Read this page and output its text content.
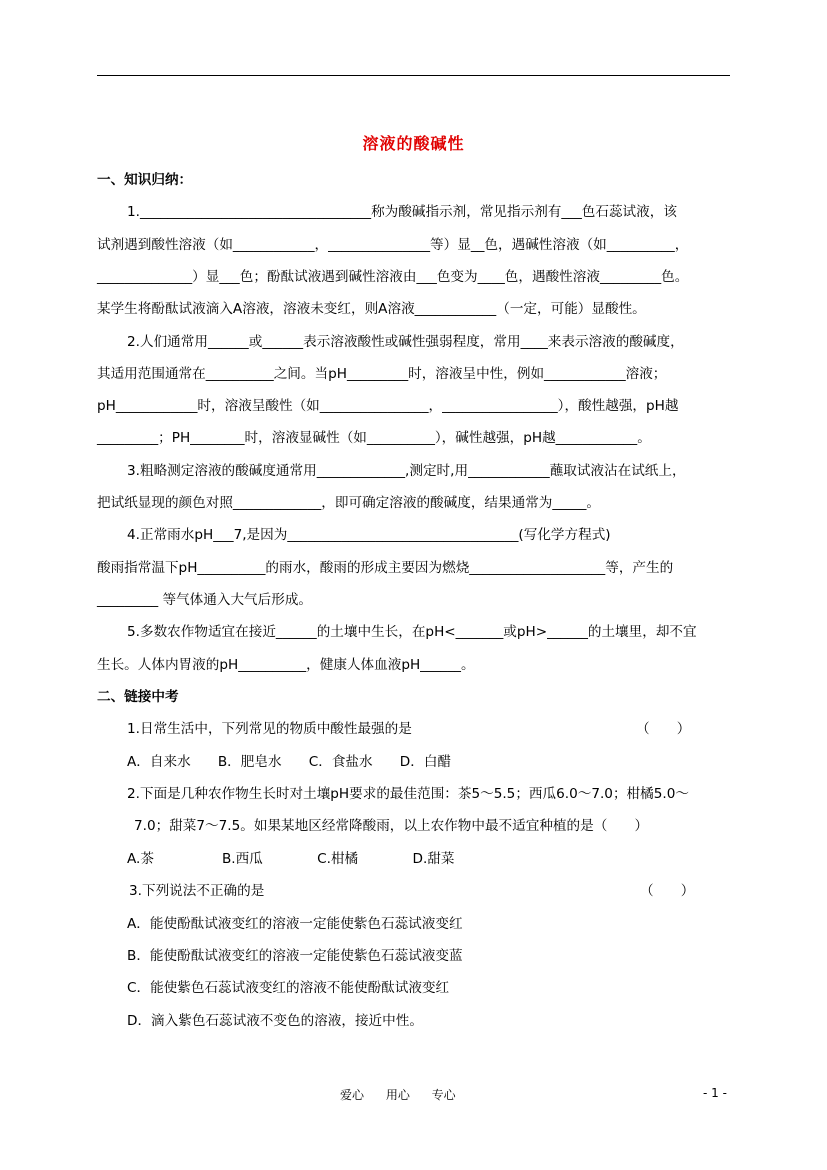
溶液的酸碱性
一、知识归纳：
1.__________________________________称为酸碱指示剂，常见指示剂有___色石蕊试液，该
试剂遇到酸性溶液（如____________，_______________等）显__色，遇碱性溶液（如__________，
______________）显___色；酚酞试液遇到碱性溶液由___色变为____色，遇酸性溶液_________色。
某学生将酚酞试液滴入A溶液，溶液未变红，则A溶液____________（一定，可能）显酸性。
2.人们通常用______或______表示溶液酸性或碱性强弱程度，常用____来表示溶液的酸碱度，
其适用范围通常在__________之间。当pH_________时，溶液呈中性，例如____________溶液；
pH____________时，溶液呈酸性（如________________，_________________），酸性越强，pH越
_________；PH________时，溶液显碱性（如__________），碱性越强，pH越____________。
3.粗略测定溶液的酸碱度通常用_____________,测定时,用____________蘸取试液沾在试纸上，
把试纸显现的颜色对照_____________，即可确定溶液的酸碱度，结果通常为_____。
4.正常雨水pH___7,是因为__________________________________(写化学方程式)
酸雨指常温下pH__________的雨水，酸雨的形成主要因为燃烧____________________等，产生的
_________ 等气体通入大气后形成。
5.多数农作物适宜在接近______的土壤中生长，在pH<_______或pH>______的土壤里，却不宜
生长。人体内胃液的pH__________，健康人体血液pH______。
二、链接中考
1.日常生活中，下列常见的物质中酸性最强的是	（　　）
A．自来水　　B．肥皂水　　C．食盐水　　D．白醋
2.下面是几种农作物生长时对土壤pH要求的最佳范围：茶5～5.5；西瓜6.0～7.0；柑橘5.0～
7.0；甜菜7～7.5。如果某地区经常降酸雨，以上农作物中最不适宜种植的是（　　）
A.茶　　　　　B.西瓜　　　　C.柑橘　　　　D.甜菜
3.下列说法不正确的是	（　　）
A．能使酚酞试液变红的溶液一定能使紫色石蕊试液变红
B．能使酚酞试液变红的溶液一定能使紫色石蕊试液变蓝
C．能使紫色石蕊试液变红的溶液不能使酚酞试液变红
D．滴入紫色石蕊试液不变色的溶液，接近中性。
爱心 用心 专心	- 1 -
